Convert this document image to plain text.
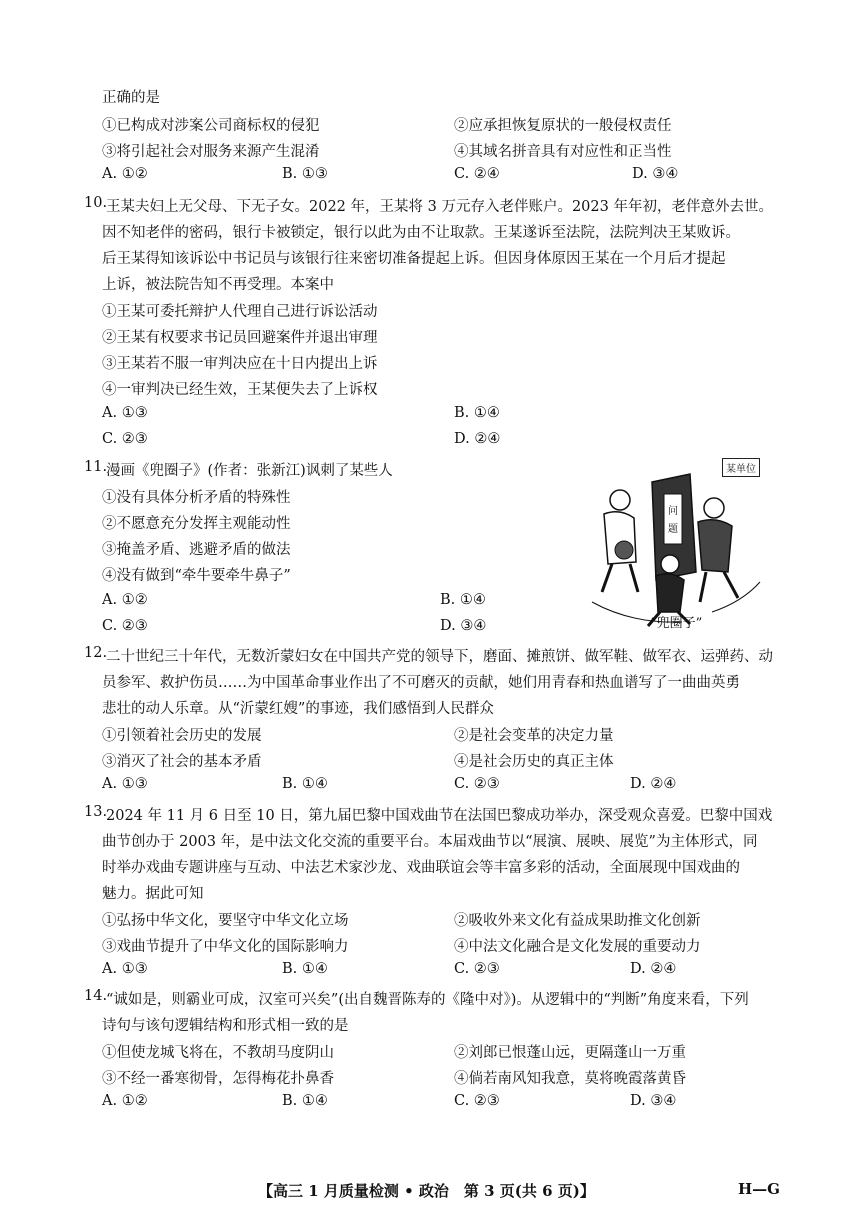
正确的是
①已构成对涉案公司商标权的侵犯	②应承担恢复原状的一般侵权责任
③将引起社会对服务来源产生混淆	④其域名拼音具有对应性和正当性
A. ①②	B. ①③	C. ②④	D. ③④
10.
王某夫妇上无父母、下无子女。2022 年，王某将 3 万元存入老伴账户。2023 年年初，老伴意外去世。
因不知老伴的密码，银行卡被锁定，银行以此为由不让取款。王某遂诉至法院，法院判决王某败诉。
后王某得知该诉讼中书记员与该银行往来密切准备提起上诉。但因身体原因王某在一个月后才提起
上诉，被法院告知不再受理。本案中
①王某可委托辩护人代理自己进行诉讼活动
②王某有权要求书记员回避案件并退出审理
③王某若不服一审判决应在十日内提出上诉
④一审判决已经生效，王某便失去了上诉权
A. ①③	B. ①④
C. ②③	D. ②④
11.
漫画《兜圈子》(作者：张新江)讽刺了某些人
①没有具体分析矛盾的特殊性
②不愿意充分发挥主观能动性
③掩盖矛盾、逃避矛盾的做法
④没有做到“牵牛要牵牛鼻子”
A. ①②	B. ①④
C. ②③	D. ③④
问
题
某单位
“兜圈子”
12.
二十世纪三十年代，无数沂蒙妇女在中国共产党的领导下，磨面、摊煎饼、做军鞋、做军衣、运弹药、动
员参军、救护伤员……为中国革命事业作出了不可磨灭的贡献，她们用青春和热血谱写了一曲曲英勇
悲壮的动人乐章。从“沂蒙红嫂”的事迹，我们感悟到人民群众
①引领着社会历史的发展	②是社会变革的决定力量
③消灭了社会的基本矛盾	④是社会历史的真正主体
A. ①③	B. ①④	C. ②③	D. ②④
13.
2024 年 11 月 6 日至 10 日，第九届巴黎中国戏曲节在法国巴黎成功举办，深受观众喜爱。巴黎中国戏
曲节创办于 2003 年，是中法文化交流的重要平台。本届戏曲节以“展演、展映、展览”为主体形式，同
时举办戏曲专题讲座与互动、中法艺术家沙龙、戏曲联谊会等丰富多彩的活动，全面展现中国戏曲的
魅力。据此可知
①弘扬中华文化，要坚守中华文化立场	②吸收外来文化有益成果助推文化创新
③戏曲节提升了中华文化的国际影响力	④中法文化融合是文化发展的重要动力
A. ①③	B. ①④	C. ②③	D. ②④
14.
“诚如是，则霸业可成，汉室可兴矣”(出自魏晋陈寿的《隆中对》)。从逻辑中的“判断”角度来看，下列
诗句与该句逻辑结构和形式相一致的是
①但使龙城飞将在，不教胡马度阴山	②刘郎已恨蓬山远，更隔蓬山一万重
③不经一番寒彻骨，怎得梅花扑鼻香	④倘若南风知我意，莫将晚霞落黄昏
A. ①②	B. ①④	C. ②③	D. ③④
【高三 1 月质量检测 • 政治　第 3 页(共 6 页)】	H—G
